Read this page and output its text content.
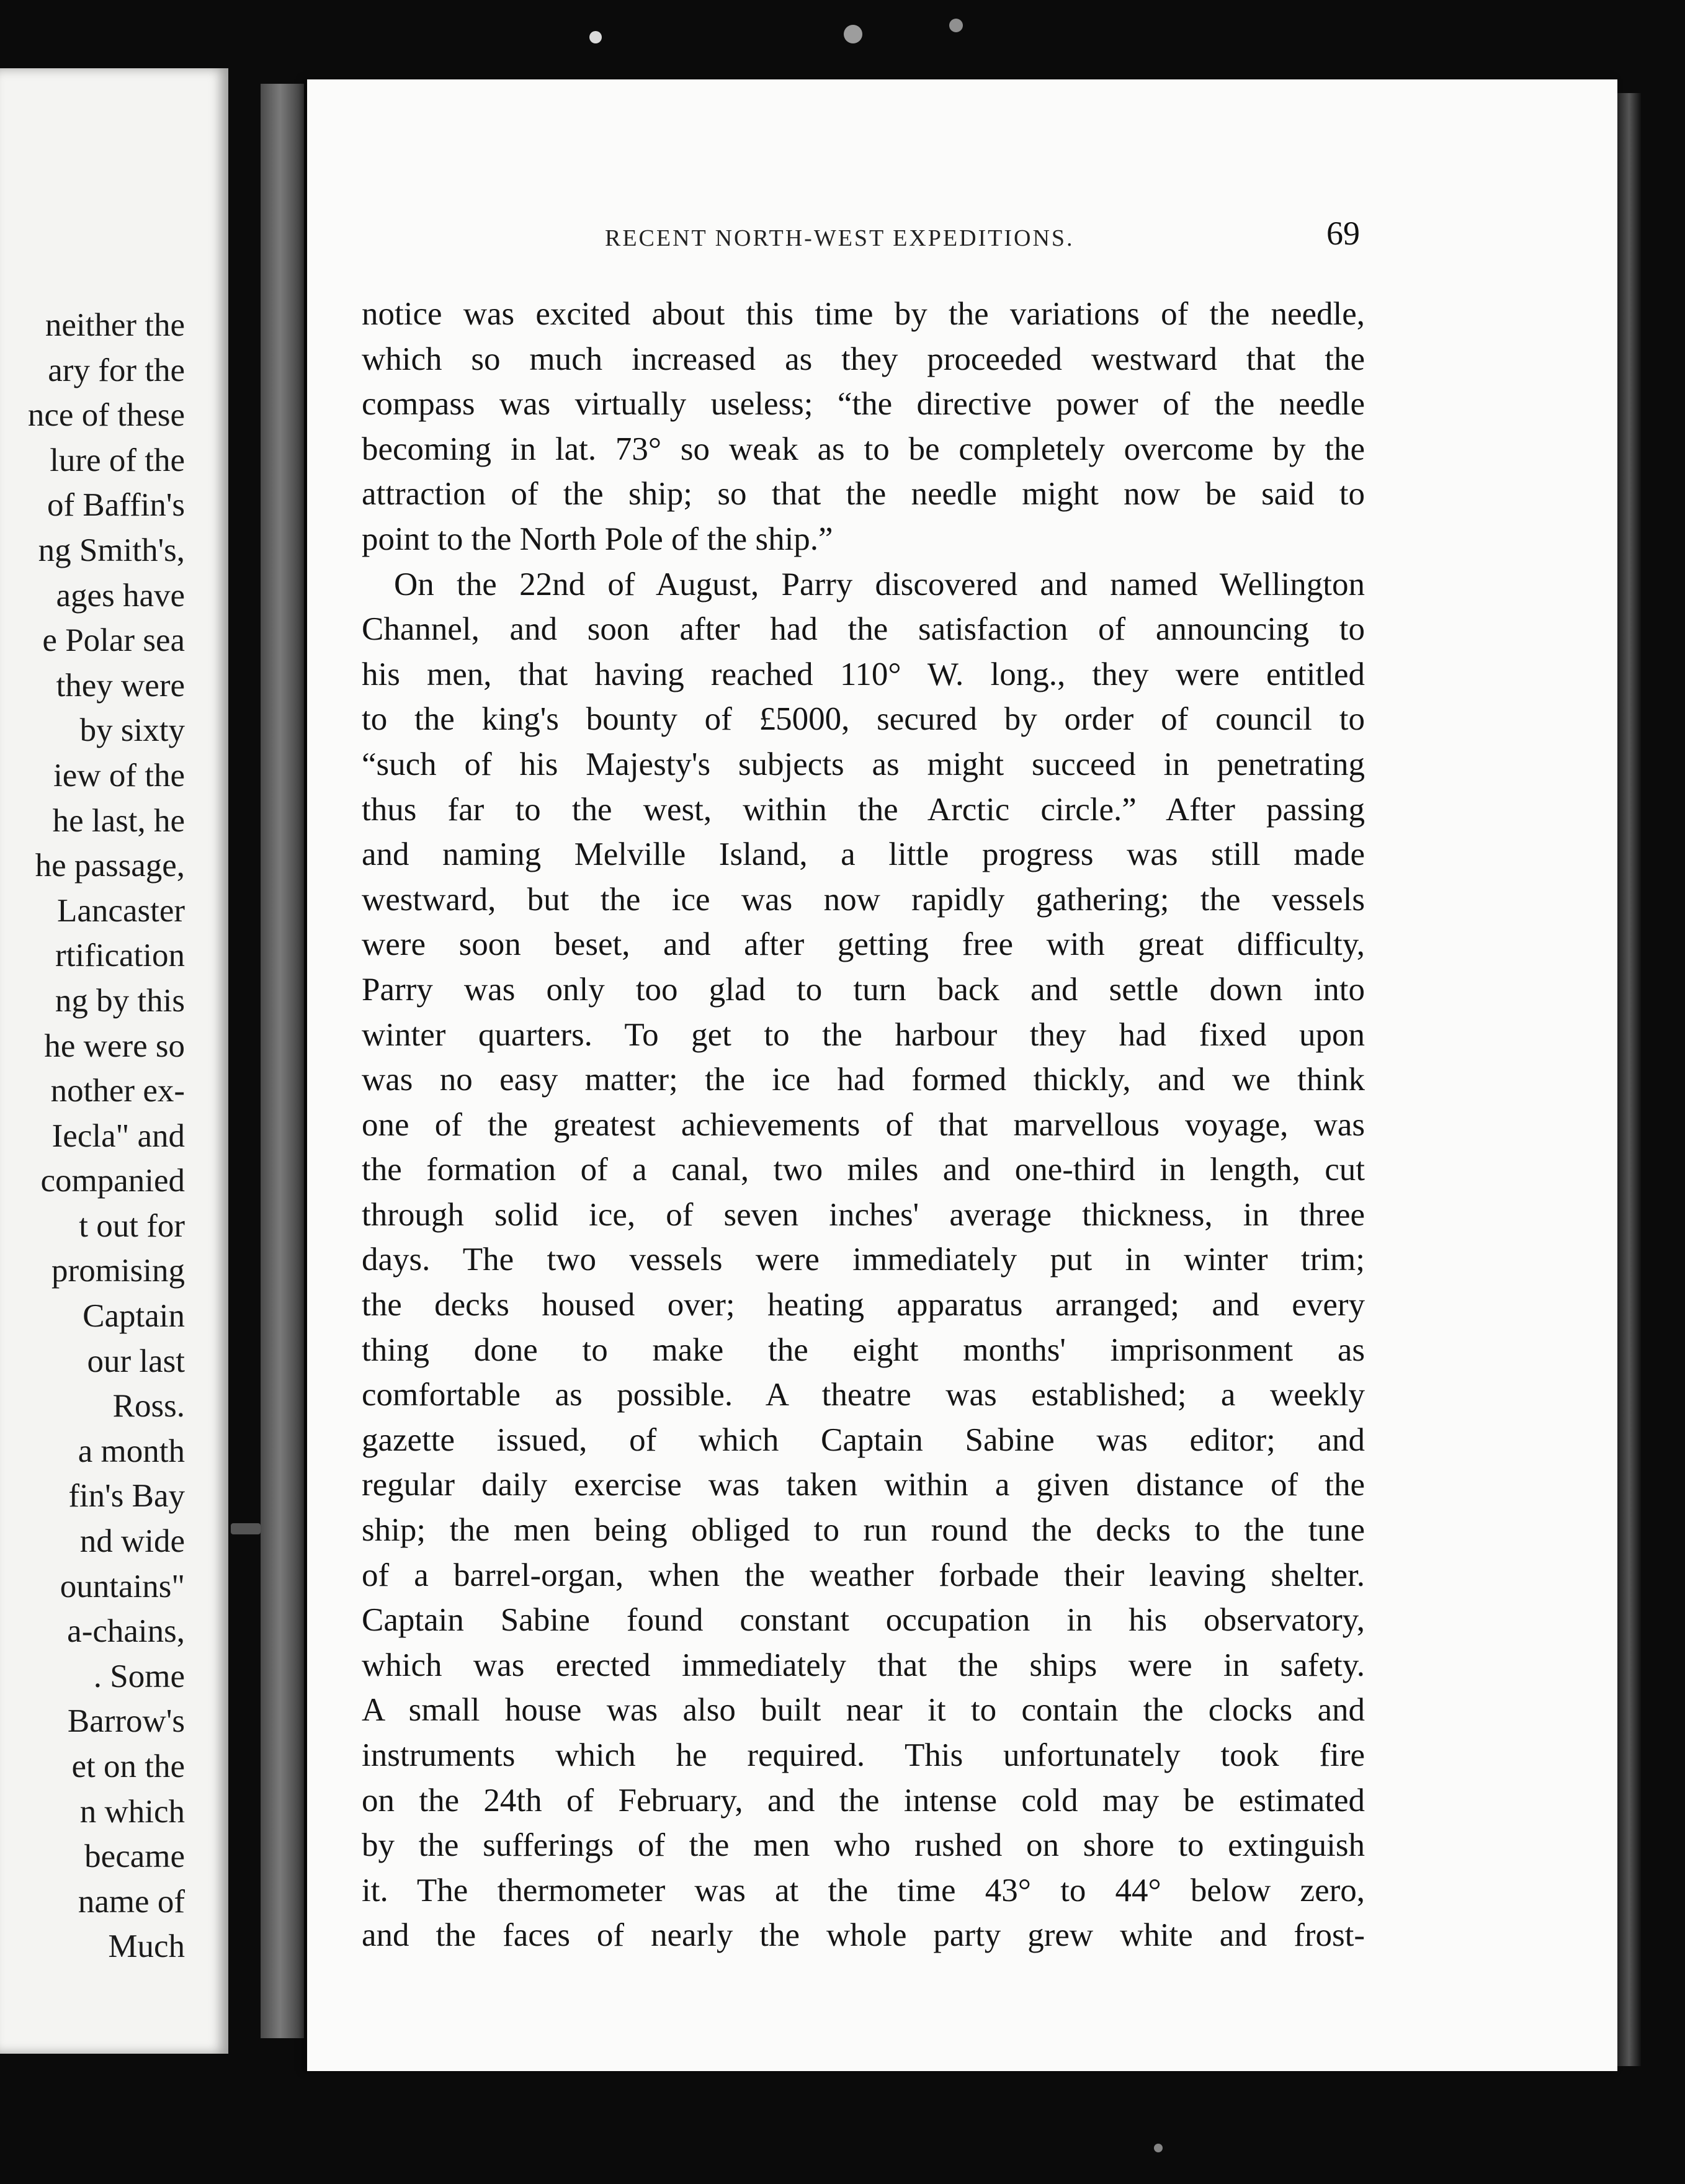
neither the
ary for the
nce of these
lure of the
of Baffin's
ng Smith's,
ages have
e Polar sea
they were
by sixty
iew of the
he last, he
he passage,
Lancaster
rtification
ng by this
he were so
nother ex-
Iecla" and
companied
t out for
promising
Captain
our last
Ross.
a month
fin's Bay
nd wide
ountains"
a-chains,
. Some
Barrow's
et on the
n which
became
name of
Much
RECENT NORTH-WEST EXPEDITIONS.	69
notice was excited about this time by the variations of the needle,
which so much increased as they proceeded westward that the
compass was virtually useless; “the directive power of the needle
becoming in lat. 73° so weak as to be completely overcome by the
attraction of the ship; so that the needle might now be said to
point to the North Pole of the ship.”
On the 22nd of August, Parry discovered and named Wellington
Channel, and soon after had the satisfaction of announcing to
his men, that having reached 110° W. long., they were entitled
to the king's bounty of £5000, secured by order of council to
“such of his Majesty's subjects as might succeed in penetrating
thus far to the west, within the Arctic circle.” After passing
and naming Melville Island, a little progress was still made
westward, but the ice was now rapidly gathering; the vessels
were soon beset, and after getting free with great difficulty,
Parry was only too glad to turn back and settle down into
winter quarters. To get to the harbour they had fixed upon
was no easy matter; the ice had formed thickly, and we think
one of the greatest achievements of that marvellous voyage, was
the formation of a canal, two miles and one-third in length, cut
through solid ice, of seven inches' average thickness, in three
days. The two vessels were immediately put in winter trim;
the decks housed over; heating apparatus arranged; and every
thing done to make the eight months' imprisonment as
comfortable as possible. A theatre was established; a weekly
gazette issued, of which Captain Sabine was editor; and
regular daily exercise was taken within a given distance of the
ship; the men being obliged to run round the decks to the tune
of a barrel-organ, when the weather forbade their leaving shelter.
Captain Sabine found constant occupation in his observatory,
which was erected immediately that the ships were in safety.
A small house was also built near it to contain the clocks and
instruments which he required. This unfortunately took fire
on the 24th of February, and the intense cold may be estimated
by the sufferings of the men who rushed on shore to extinguish
it. The thermometer was at the time 43° to 44° below zero,
and the faces of nearly the whole party grew white and frost-
